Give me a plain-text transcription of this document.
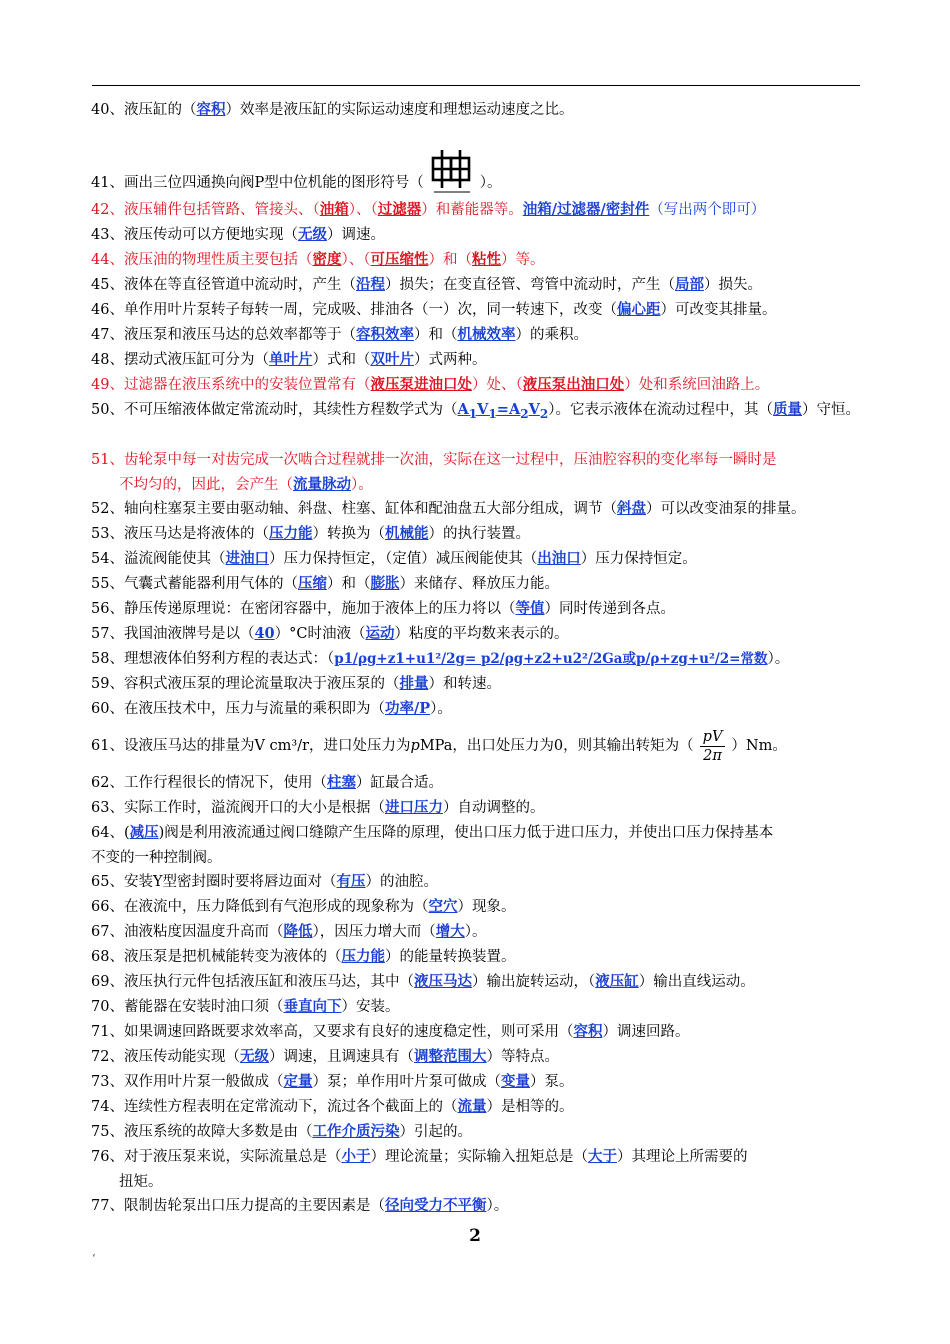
40、液压缸的（容积）效率是液压缸的实际运动速度和理想运动速度之比。
41、画出三位四通换向阀P型中位机能的图形符号（	）。
42、液压辅件包括管路、管接头、（油箱）、（过滤器）和蓄能器等。油箱/过滤器/密封件（写出两个即可）
43、液压传动可以方便地实现（无级）调速。
44、液压油的物理性质主要包括（密度）、（可压缩性）和（粘性）等。
45、液体在等直径管道中流动时，产生（沿程）损失；在变直径管、弯管中流动时，产生（局部）损失。
46、单作用叶片泵转子每转一周，完成吸、排油各（一）次，同一转速下，改变（偏心距）可改变其排量。
47、液压泵和液压马达的总效率都等于（容积效率）和（机械效率）的乘积。
48、摆动式液压缸可分为（单叶片）式和（双叶片）式两种。
49、过滤器在液压系统中的安装位置常有（液压泵进油口处）处、（液压泵出油口处）处和系统回油路上。
50、不可压缩液体做定常流动时，其续性方程数学式为$(A_1V_1=A_2V_2)$。它表示液体在流动过程中，其（质量）守恒。
51、齿轮泵中每一对齿完成一次啮合过程就排一次油，实际在这一过程中，压油腔容积的变化率每一瞬时是
不均匀的，因此，会产生（流量脉动）。
52、轴向柱塞泵主要由驱动轴、斜盘、柱塞、缸体和配油盘五大部分组成，调节（斜盘）可以改变油泵的排量。
53、液压马达是将液体的（压力能）转换为（机械能）的执行装置。
54、溢流阀能使其（进油口）压力保持恒定，（定值）减压阀能使其（出油口）压力保持恒定。
55、气囊式蓄能器利用气体的（压缩）和（膨胀）来储存、释放压力能。
56、静压传递原理说：在密闭容器中，施加于液体上的压力将以（等值）同时传递到各点。
57、我国油液牌号是以（40）°C时油液（运动）粘度的平均数来表示的。
58、理想液体伯努利方程的表达式：（p1/ρg+z1+u1²/2g= p2/ρg+z2+u2²/2Ga或p/ρ+zg+u²/2=常数）。
59、容积式液压泵的理论流量取决于液压泵的（排量）和转速。
60、在液压技术中，压力与流量的乘积即为（功率/P）。
61、设液压马达的排量为V cm³/r，进口处压力为pMPa，出口处压力为0，则其输出转矩为（ $\frac{pV}{2\pi} )Nm$。
62、工作行程很长的情况下，使用（柱塞）缸最合适。
63、实际工作时，溢流阀开口的大小是根据（进口压力）自动调整的。
64、(减压)阀是利用液流通过阀口缝隙产生压降的原理，使出口压力低于进口压力，并使出口压力保持基本
不变的一种控制阀。
65、安装Y型密封圈时要将唇边面对（有压）的油腔。
66、在液流中，压力降低到有气泡形成的现象称为（空穴）现象。
67、油液粘度因温度升高而（降低），因压力增大而（增大）。
68、液压泵是把机械能转变为液体的（压力能）的能量转换装置。
69、液压执行元件包括液压缸和液压马达，其中（液压马达）输出旋转运动，（液压缸）输出直线运动。
70、蓄能器在安装时油口须（垂直向下）安装。
71、如果调速回路既要求效率高，又要求有良好的速度稳定性，则可采用（容积）调速回路。
72、液压传动能实现（无级）调速，且调速具有（调整范围大）等特点。
73、双作用叶片泵一般做成（定量）泵；单作用叶片泵可做成（变量）泵。
74、连续性方程表明在定常流动下，流过各个截面上的（流量）是相等的。
75、液压系统的故障大多数是由（工作介质污染）引起的。
76、对于液压泵来说，实际流量总是（小于）理论流量；实际输入扭矩总是（大于）其理论上所需要的
扭矩。
77、限制齿轮泵出口压力提高的主要因素是（径向受力不平衡）。
2
‘
